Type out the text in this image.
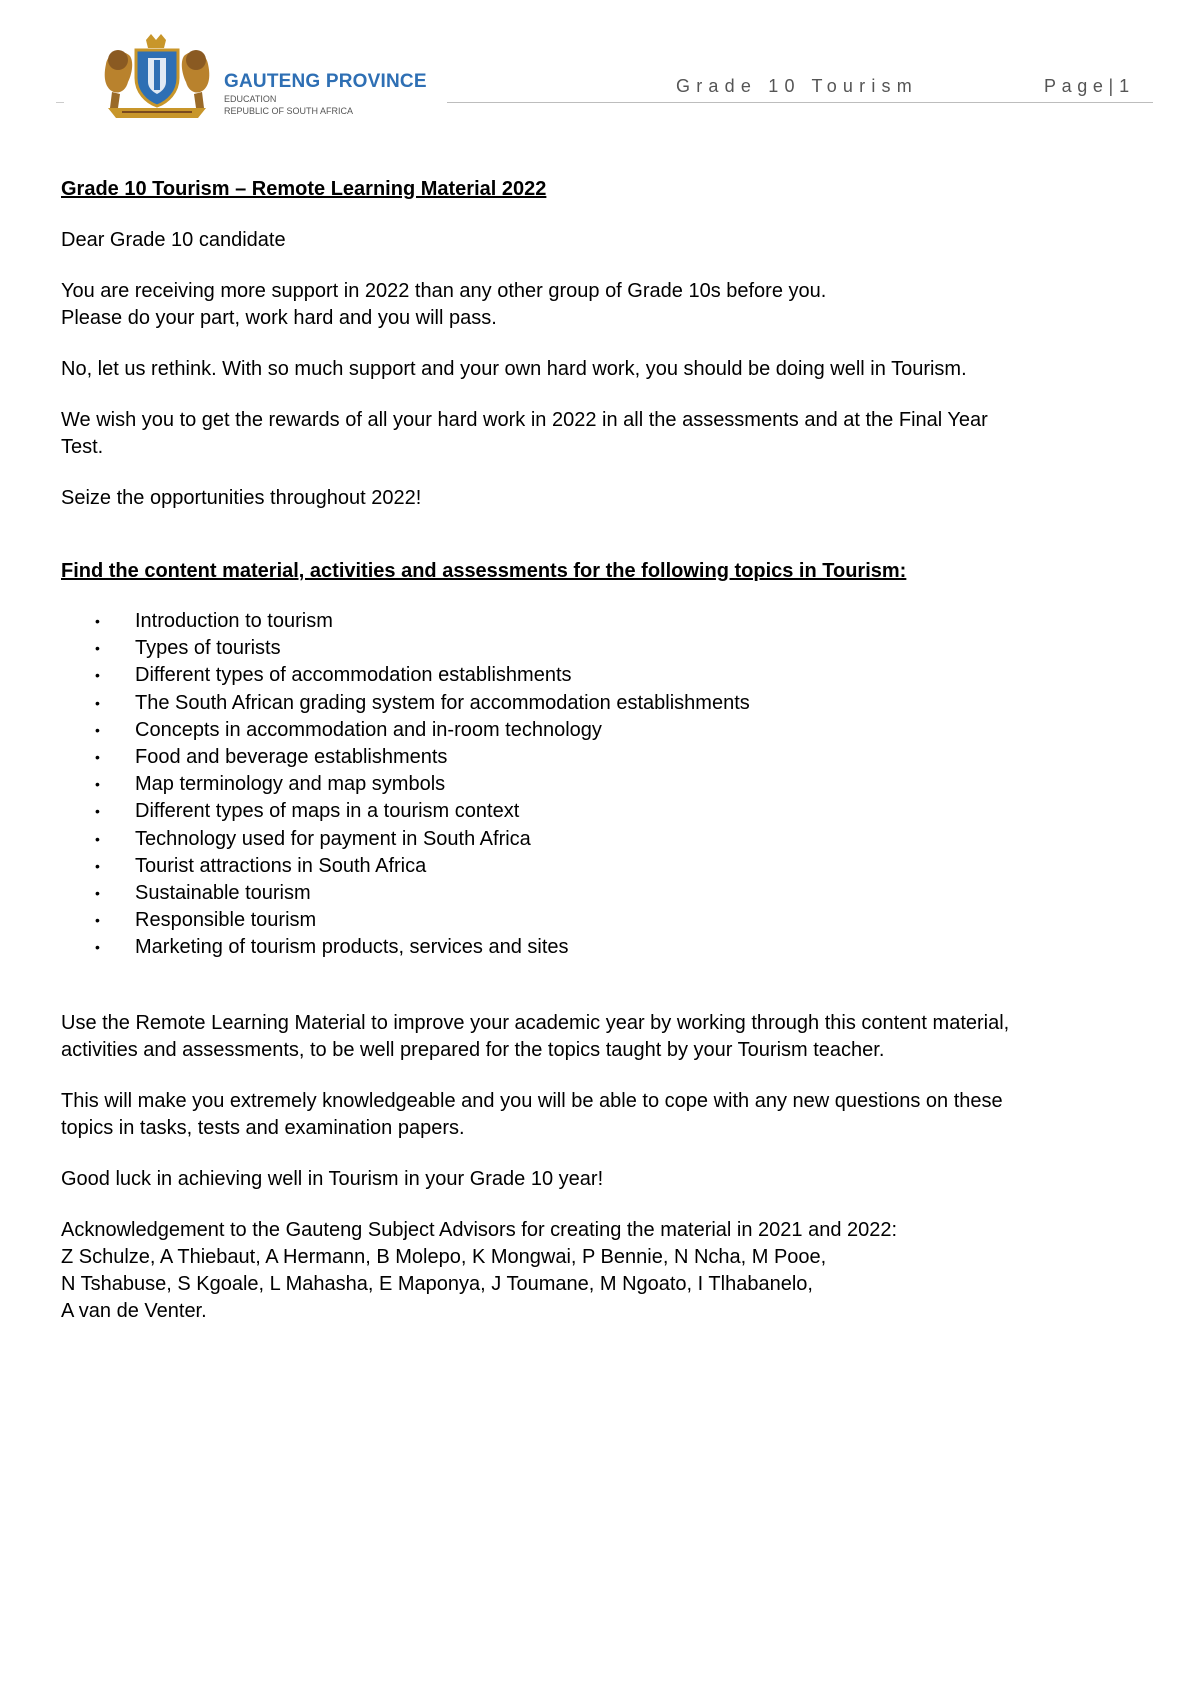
GAUTENG PROVINCE
EDUCATION
REPUBLIC OF SOUTH AFRICA
Grade 10 Tourism	Page| 1

Grade 10 Tourism – Remote Learning Material 2022

Dear Grade 10 candidate

You are receiving more support in 2022 than any other group of Grade 10s before you.
Please do your part, work hard and you will pass.

No, let us rethink. With so much support and your own hard work, you should be doing well in Tourism.

We wish you to get the rewards of all your hard work in 2022 in all the assessments and at the Final Year
Test.

Seize the opportunities throughout 2022!

Find the content material, activities and assessments for the following topics in Tourism:

• Introduction to tourism
• Types of tourists
• Different types of accommodation establishments
• The South African grading system for accommodation establishments
• Concepts in accommodation and in-room technology
• Food and beverage establishments
• Map terminology and map symbols
• Different types of maps in a tourism context
• Technology used for payment in South Africa
• Tourist attractions in South Africa
• Sustainable tourism
• Responsible tourism
• Marketing of tourism products, services and sites

Use the Remote Learning Material to improve your academic year by working through this content material,
activities and assessments, to be well prepared for the topics taught by your Tourism teacher.

This will make you extremely knowledgeable and you will be able to cope with any new questions on these
topics in tasks, tests and examination papers.

Good luck in achieving well in Tourism in your Grade 10 year!

Acknowledgement to the Gauteng Subject Advisors for creating the material in 2021 and 2022:
Z Schulze, A Thiebaut, A Hermann, B Molepo, K Mongwai, P Bennie, N Ncha, M Pooe,
N Tshabuse, S Kgoale, L Mahasha, E Maponya, J Toumane, M Ngoato, I Tlhabanelo,
A van de Venter.
